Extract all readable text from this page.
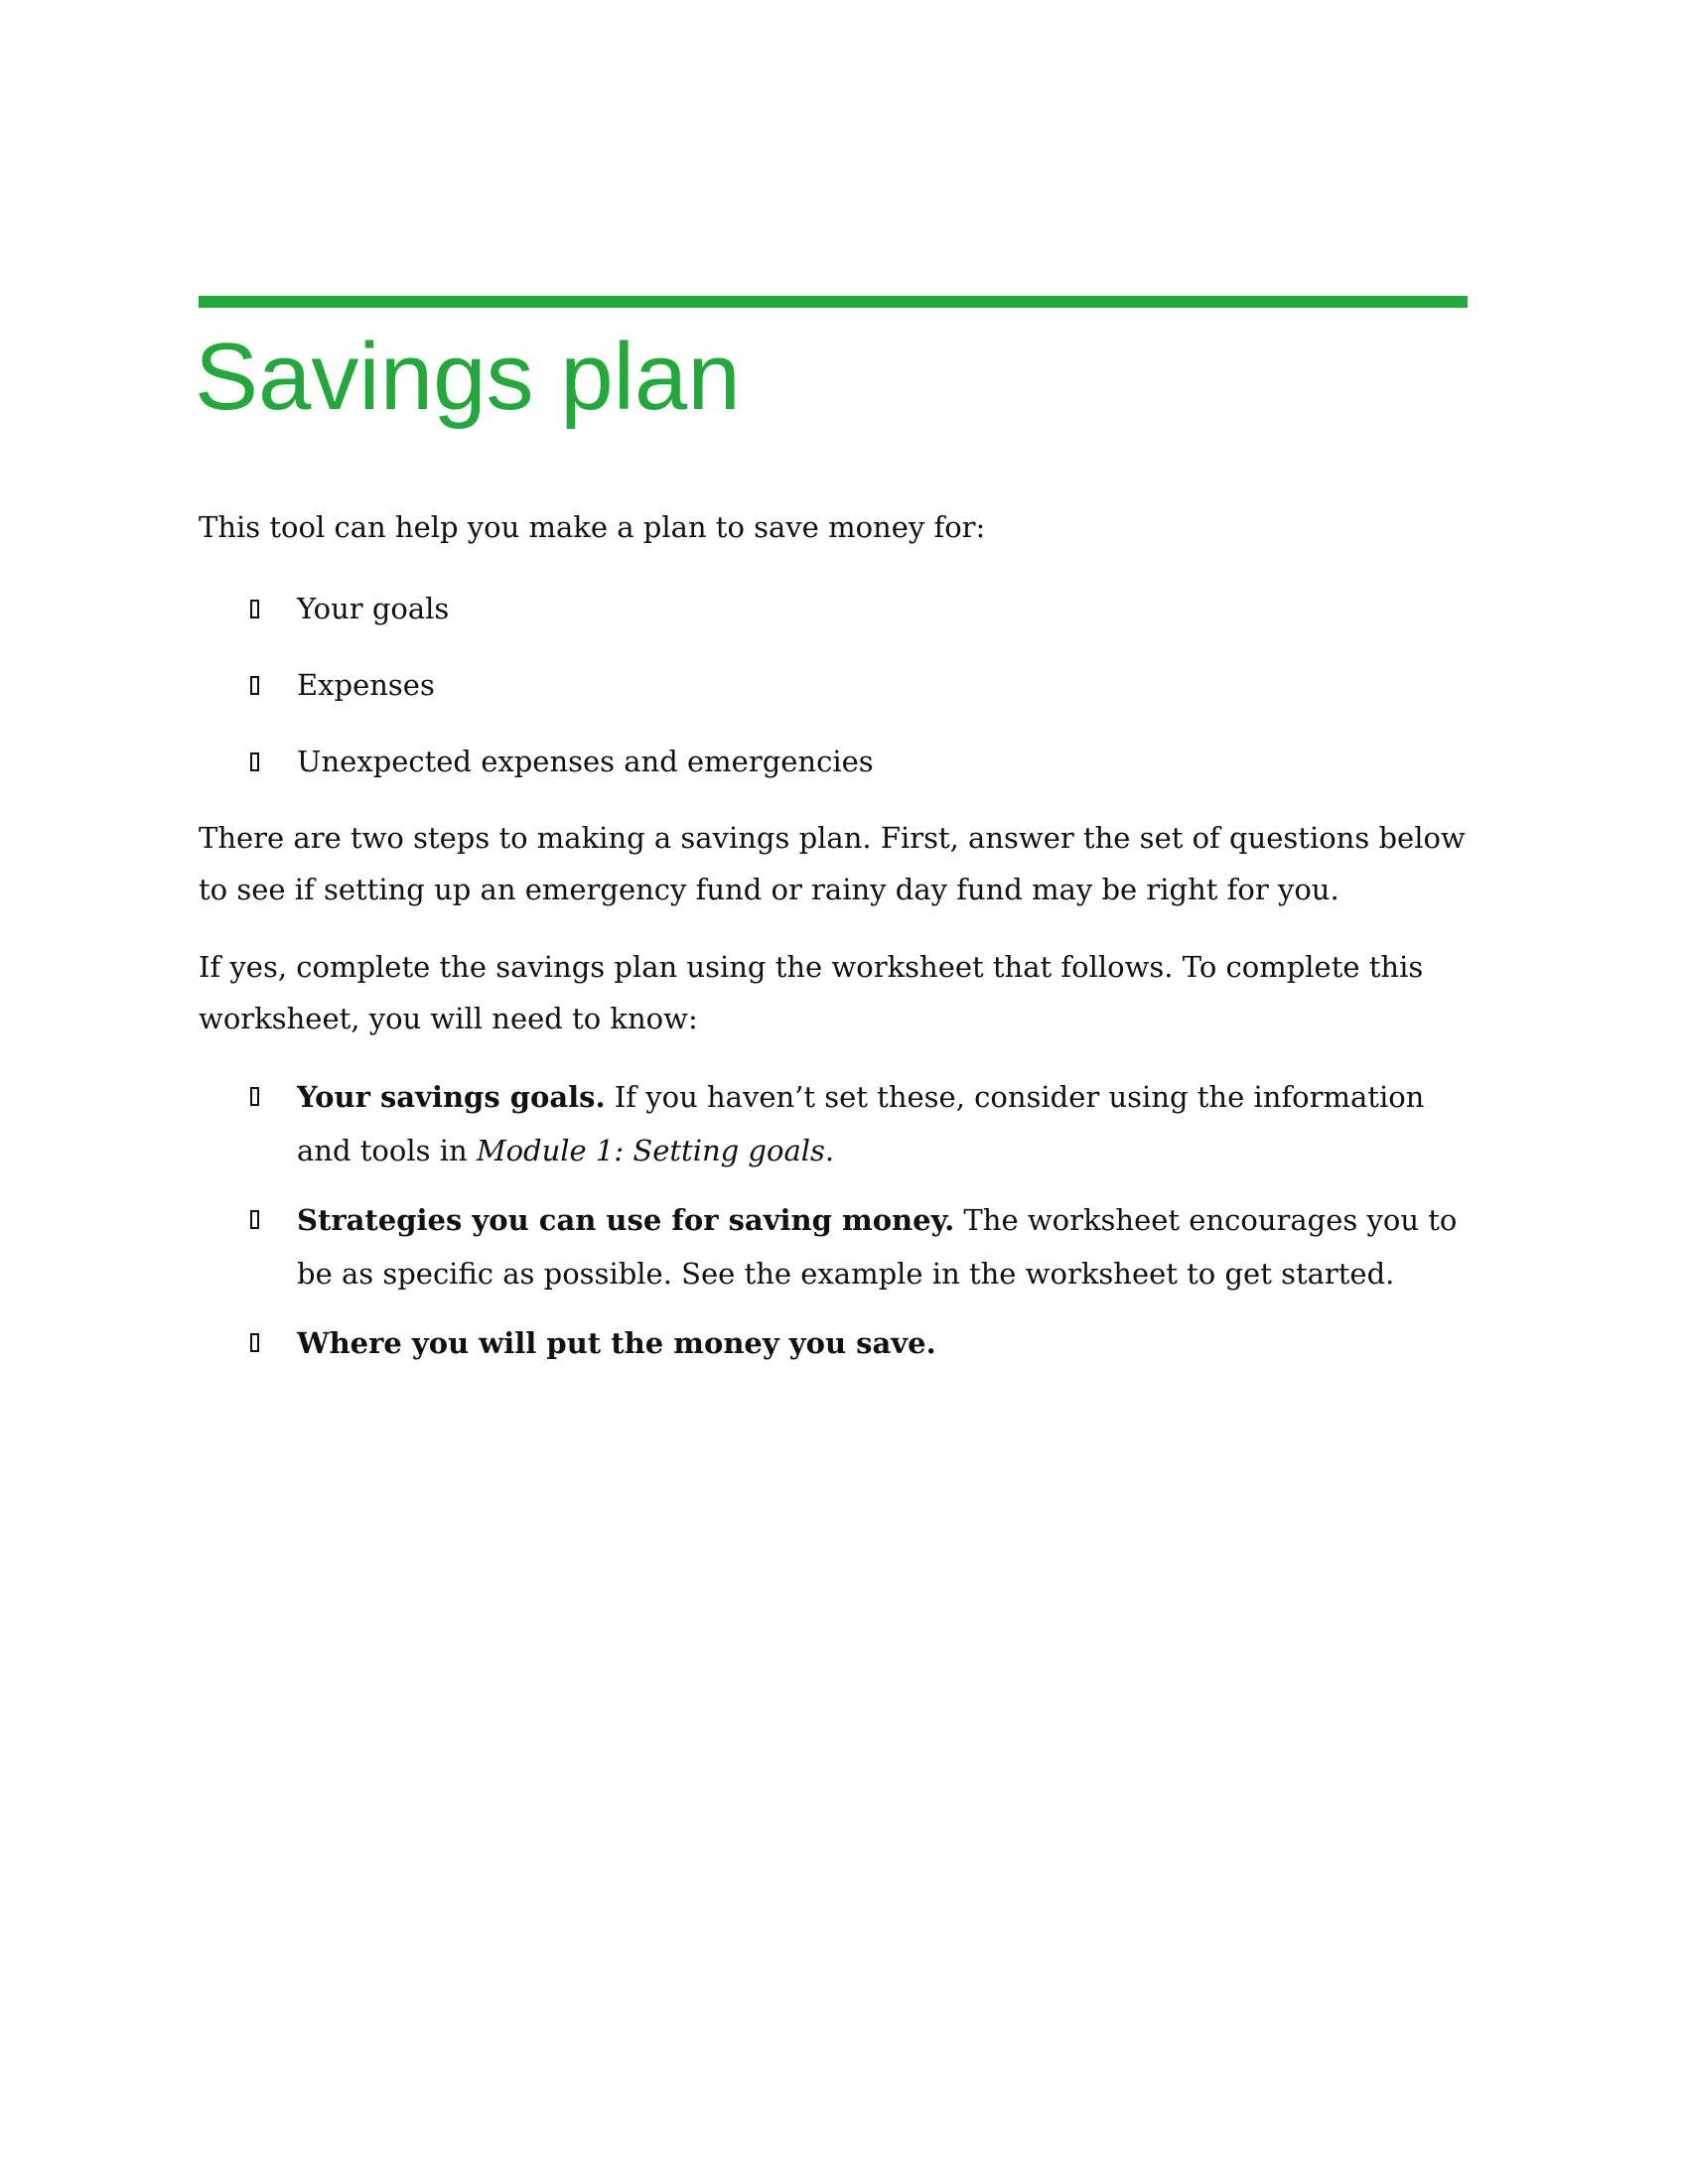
Savings plan

This tool can help you make a plan to save money for:

Your goals
Expenses
Unexpected expenses and emergencies

There are two steps to making a savings plan. First, answer the set of questions below to see if setting up an emergency fund or rainy day fund may be right for you.

If yes, complete the savings plan using the worksheet that follows. To complete this worksheet, you will need to know:

Your savings goals. If you haven’t set these, consider using the information and tools in Module 1: Setting goals.
Strategies you can use for saving money. The worksheet encourages you to be as specific as possible. See the example in the worksheet to get started.
Where you will put the money you save.
